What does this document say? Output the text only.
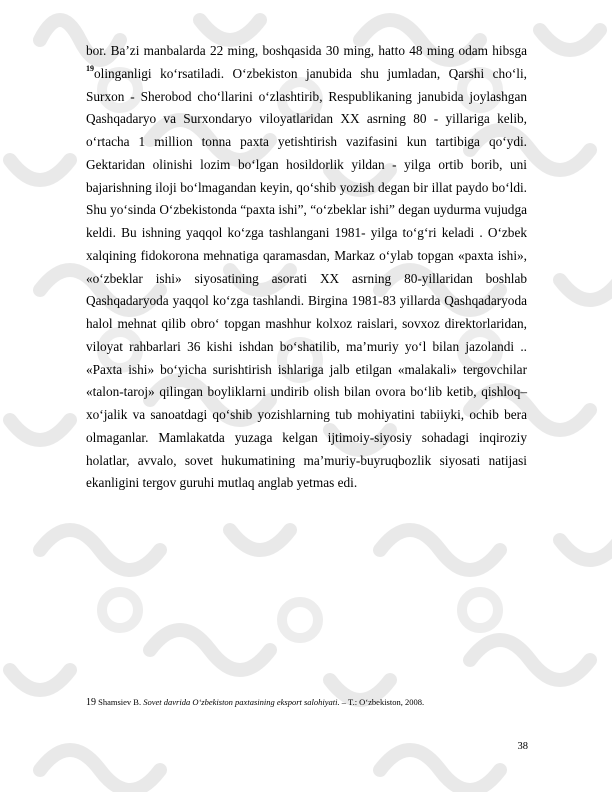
bor. Ba’zi manbalarda 22 ming, boshqasida 30 ming, hatto 48 ming odam hibsga $^{19}$olinganligi ko‘rsatiladi. O‘zbekiston janubida shu jumladan, Qarshi cho‘li, Surxon - Sherobod cho‘llarini o‘zlashtirib, Respublikaning janubida joylashgan Qashqadaryo va Surxondaryo viloyatlaridan XX asrning 80 - yillariga kelib, o‘rtacha 1 million tonna paxta yetishtirish vazifasini kun tartibiga qo‘ydi. Gektaridan olinishi lozim bo‘lgan hosildorlik yildan - yilga ortib borib, uni bajarishning iloji bo‘lmagandan keyin, qo‘shib yozish degan bir illat paydo bo‘ldi. Shu yo‘sinda O‘zbekistonda “paxta ishi”, “o‘zbeklar ishi” degan uydurma vujudga keldi. Bu ishning yaqqol ko‘zga tashlangani 1981- yilga to‘g‘ri keladi . O‘zbek xalqining fidokorona mehnatiga qaramasdan, Markaz o‘ylab topgan «paxta ishi», «o‘zbeklar ishi» siyosatining asorati XX asrning 80-yillaridan boshlab Qashqadaryoda yaqqol ko‘zga tashlandi. Birgina 1981-83 yillarda Qashqadaryoda halol mehnat qilib obro‘ topgan mashhur kolxoz raislari, sovxoz direktorlaridan, viloyat rahbarlari 36 kishi ishdan bo‘shatilib, ma’muriy yo‘l bilan jazolandi .. «Paxta ishi» bo‘yicha surishtirish ishlariga jalb etilgan «malakali» tergovchilar «talon-taroj» qilingan boyliklarni undirib olish bilan ovora bo‘lib ketib, qishloq–xo‘jalik va sanoatdagi qo‘shib yozishlarning tub mohiyatini tabiiyki, ochib bera olmaganlar. Mamlakatda yuzaga kelgan ijtimoiy-siyosiy sohadagi inqiroziy holatlar, avvalo, sovet hukumatining ma’muriy-buyruqbozlik siyosati natijasi ekanligini tergov guruhi mutlaq anglab yetmas edi.

19 Shamsiev B. Sovet davrida O‘zbekiston paxtasining eksport salohiyati. – T.: O‘zbekiston, 2008.
38
